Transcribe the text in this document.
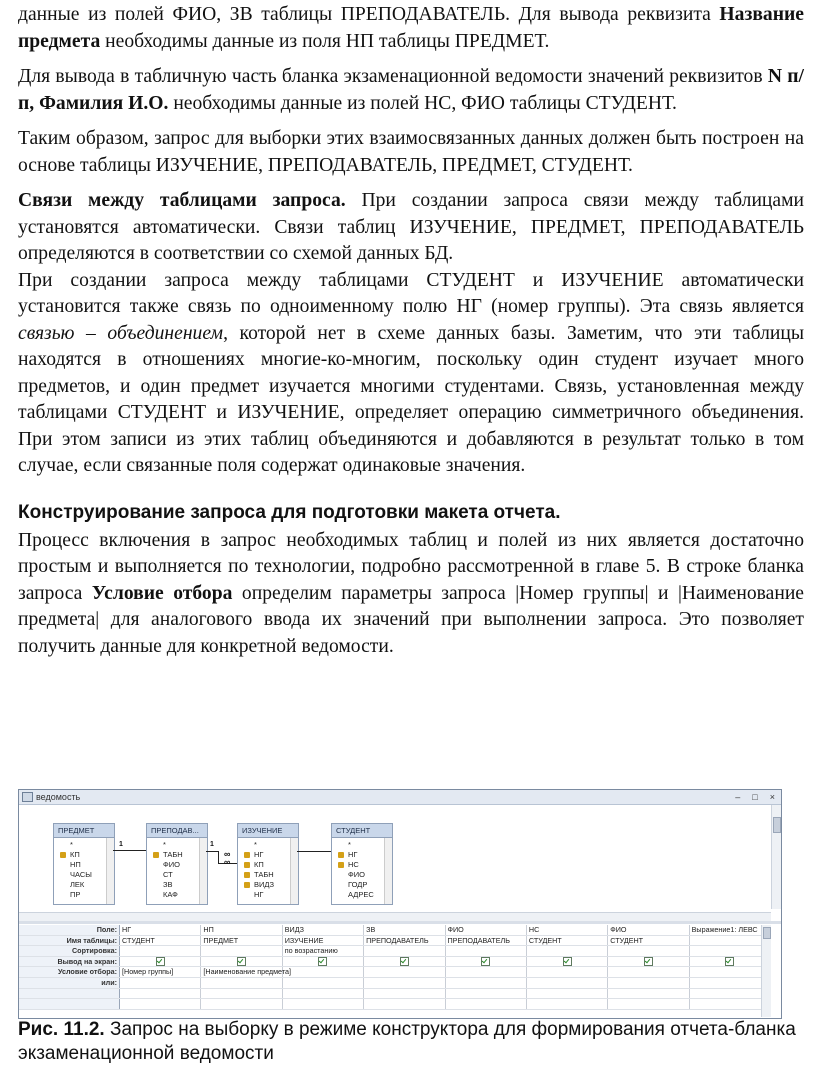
данные из полей ФИО, ЗВ таблицы ПРЕПОДАВАТЕЛЬ. Для вывода реквизита Название предмета необходимы данные из поля НП таблицы ПРЕДМЕТ.

Для вывода в табличную часть бланка экзаменационной ведомости значений реквизитов N п/п, Фамилия И.О. необходимы данные из полей НС, ФИО таблицы СТУДЕНТ.

Таким образом, запрос для выборки этих взаимосвязанных данных должен быть построен на основе таблицы ИЗУЧЕНИЕ, ПРЕПОДАВАТЕЛЬ, ПРЕДМЕТ, СТУДЕНТ.

Связи между таблицами запроса. При создании запроса связи между таблицами установятся автоматически. Связи таблиц ИЗУЧЕНИЕ, ПРЕДМЕТ, ПРЕПОДАВАТЕЛЬ определяются в соответствии со схемой данных БД.

При создании запроса между таблицами СТУДЕНТ и ИЗУЧЕНИЕ автоматически установится также связь по одноименному полю НГ (номер группы). Эта связь является связью – объединением, которой нет в схеме данных базы. Заметим, что эти таблицы находятся в отношениях многие-ко-многим, поскольку один студент изучает много предметов, и один предмет изучается многими студентами. Связь, установленная между таблицами СТУДЕНТ и ИЗУЧЕНИЕ, определяет операцию симметричного объединения. При этом записи из этих таблиц объединяются и добавляются в результат только в том случае, если связанные поля содержат одинаковые значения.

Конструирование запроса для подготовки макета отчета.

Процесс включения в запрос необходимых таблиц и полей из них является достаточно простым и выполняется по технологии, подробно рассмотренной в главе 5. В строке бланка запроса Условие отбора определим параметры запроса |Номер группы| и |Наименование предмета| для аналогового ввода их значений при выполнении запроса. Это позволяет получить данные для конкретной ведомости.

ведомость	– □ ×
ПРЕДМЕТ
*
КП
НП
ЧАСЫ
ЛЕК
ПР
ПРЕПОДАВ...
*
ТАБН
ФИО
СТ
ЗВ
КАФ
ИЗУЧЕНИЕ
*
НГ
КП
ТАБН
ВИДЗ
НГ
СТУДЕНТ
*
НГ
НС
ФИО
ГОДР
АДРЕС
1	1
∞
∞
Поле:	НГ	НП	ВИДЗ	ЗВ	ФИО	НС	ФИО	Выражение1: ЛЕВС
Имя таблицы:	СТУДЕНТ	ПРЕДМЕТ	ИЗУЧЕНИЕ	ПРЕПОДАВАТЕЛЬ	ПРЕПОДАВАТЕЛЬ	СТУДЕНТ	СТУДЕНТ	
Сортировка:			по возрастанию					
Вывод на экран:								
Условие отбора:	[Номер группы]	[Наименование предмета]						
или:								

Рис. 11.2. Запрос на выборку в режиме конструктора для формирования отчета-бланка экзаменационной ведомости
